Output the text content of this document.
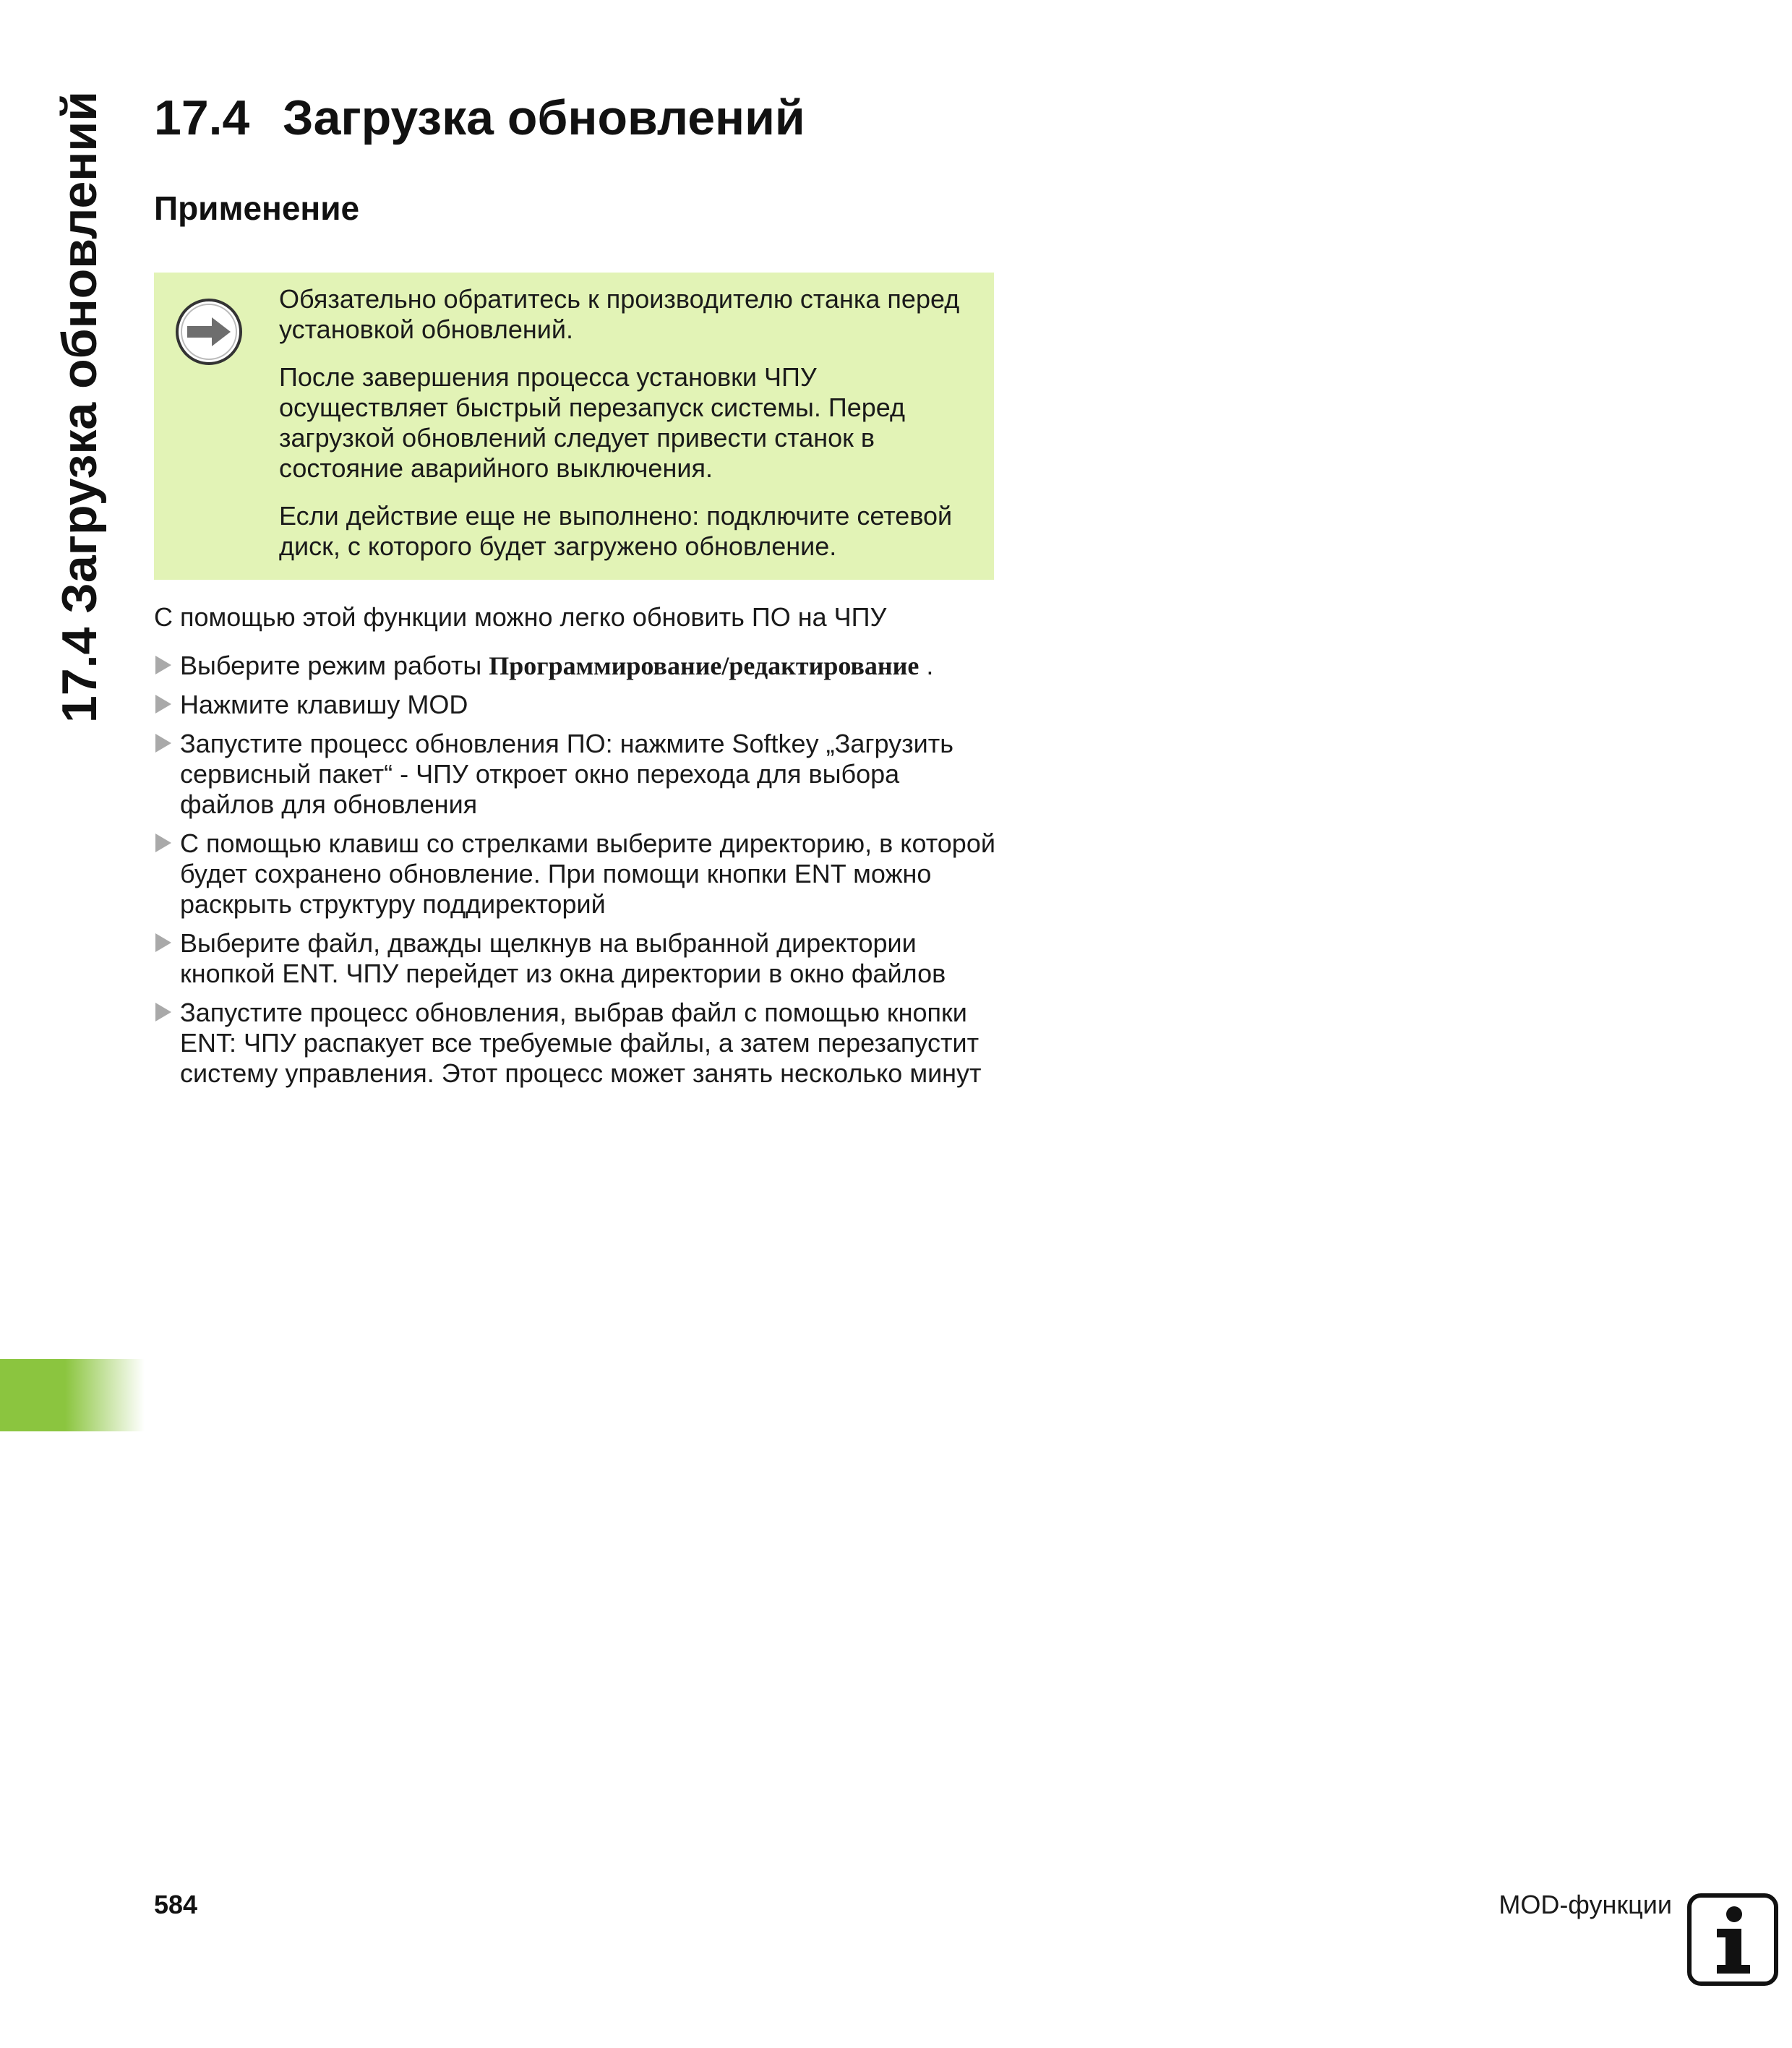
17.4 Загрузка обновлений 17.4 Загрузка обновлений
Применение

Обязательно обратитесь к производителю станка перед установкой обновлений.

После завершения процесса установки ЧПУ осуществляет быстрый перезапуск системы. Перед загрузкой обновлений следует привести станок в состояние аварийного выключения.

Если действие еще не выполнено: подключите сетевой диск, с которого будет загружено обновление.

С помощью этой функции можно легко обновить ПО на ЧПУ
Выберите режим работы Программирование/редактирование .
Нажмите клавишу MOD
Запустите процесс обновления ПО: нажмите Softkey „Загрузить сервисный пакет“ - ЧПУ откроет окно перехода для выбора файлов для обновления
С помощью клавиш со стрелками выберите директорию, в которой будет сохранено обновление. При помощи кнопки ENT можно раскрыть структуру поддиректорий
Выберите файл, дважды щелкнув на выбранной директории кнопкой ENT. ЧПУ перейдет из окна директории в окно файлов
Запустите процесс обновления, выбрав файл с помощью кнопки ENT: ЧПУ распакует все требуемые файлы, а затем перезапустит систему управления. Этот процесс может занять несколько минут
584	MOD-функции
